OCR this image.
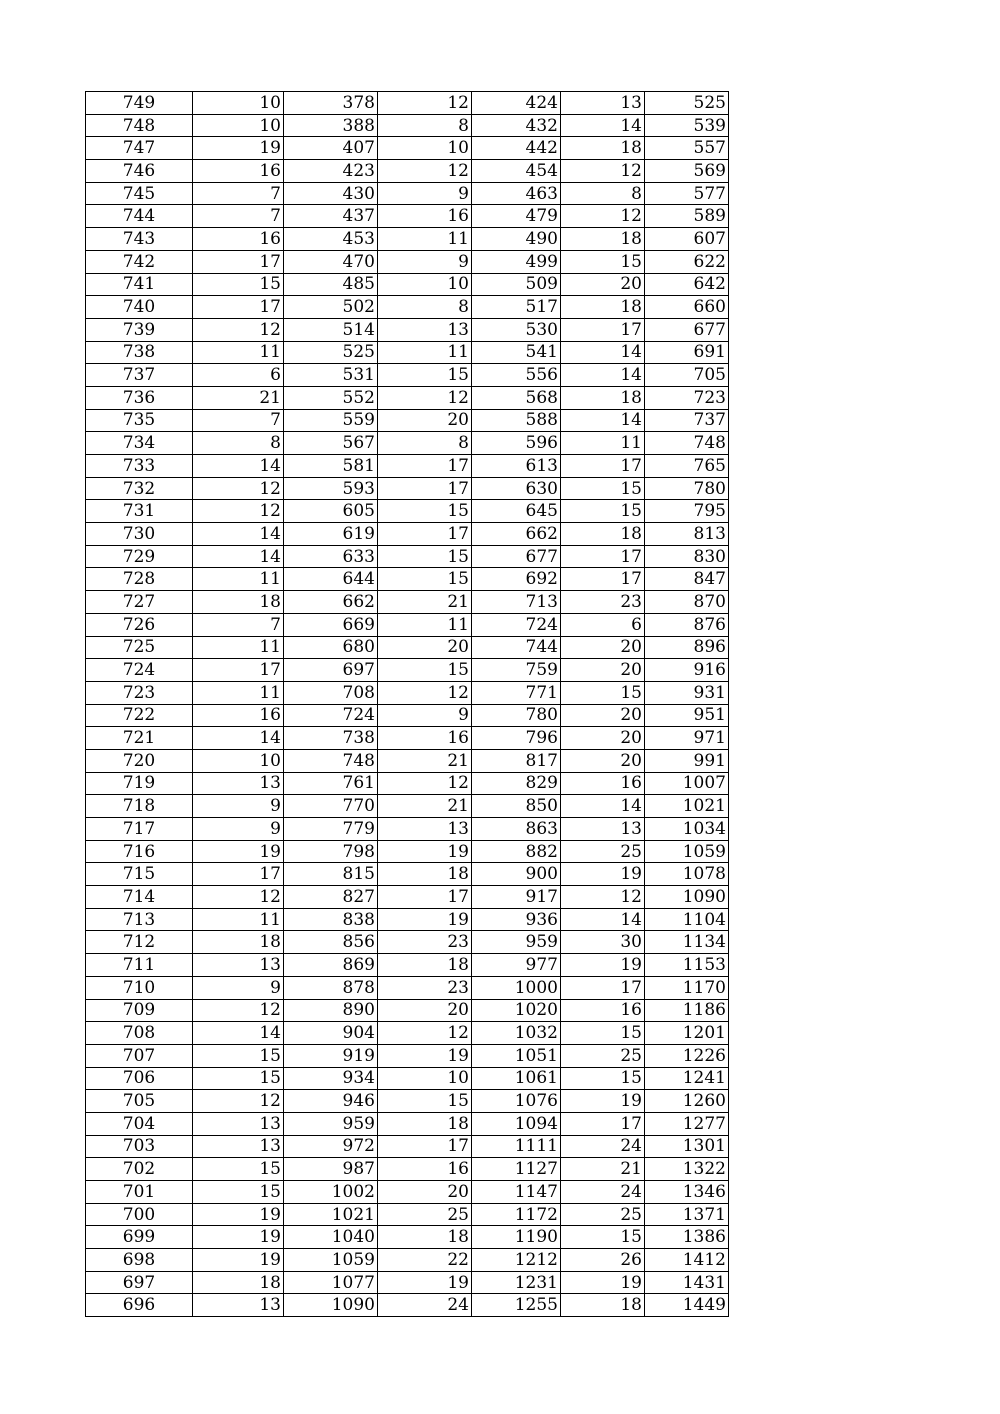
749	10	378	12	424	13	525
748	10	388	8	432	14	539
747	19	407	10	442	18	557
746	16	423	12	454	12	569
745	7	430	9	463	8	577
744	7	437	16	479	12	589
743	16	453	11	490	18	607
742	17	470	9	499	15	622
741	15	485	10	509	20	642
740	17	502	8	517	18	660
739	12	514	13	530	17	677
738	11	525	11	541	14	691
737	6	531	15	556	14	705
736	21	552	12	568	18	723
735	7	559	20	588	14	737
734	8	567	8	596	11	748
733	14	581	17	613	17	765
732	12	593	17	630	15	780
731	12	605	15	645	15	795
730	14	619	17	662	18	813
729	14	633	15	677	17	830
728	11	644	15	692	17	847
727	18	662	21	713	23	870
726	7	669	11	724	6	876
725	11	680	20	744	20	896
724	17	697	15	759	20	916
723	11	708	12	771	15	931
722	16	724	9	780	20	951
721	14	738	16	796	20	971
720	10	748	21	817	20	991
719	13	761	12	829	16	1007
718	9	770	21	850	14	1021
717	9	779	13	863	13	1034
716	19	798	19	882	25	1059
715	17	815	18	900	19	1078
714	12	827	17	917	12	1090
713	11	838	19	936	14	1104
712	18	856	23	959	30	1134
711	13	869	18	977	19	1153
710	9	878	23	1000	17	1170
709	12	890	20	1020	16	1186
708	14	904	12	1032	15	1201
707	15	919	19	1051	25	1226
706	15	934	10	1061	15	1241
705	12	946	15	1076	19	1260
704	13	959	18	1094	17	1277
703	13	972	17	1111	24	1301
702	15	987	16	1127	21	1322
701	15	1002	20	1147	24	1346
700	19	1021	25	1172	25	1371
699	19	1040	18	1190	15	1386
698	19	1059	22	1212	26	1412
697	18	1077	19	1231	19	1431
696	13	1090	24	1255	18	1449
